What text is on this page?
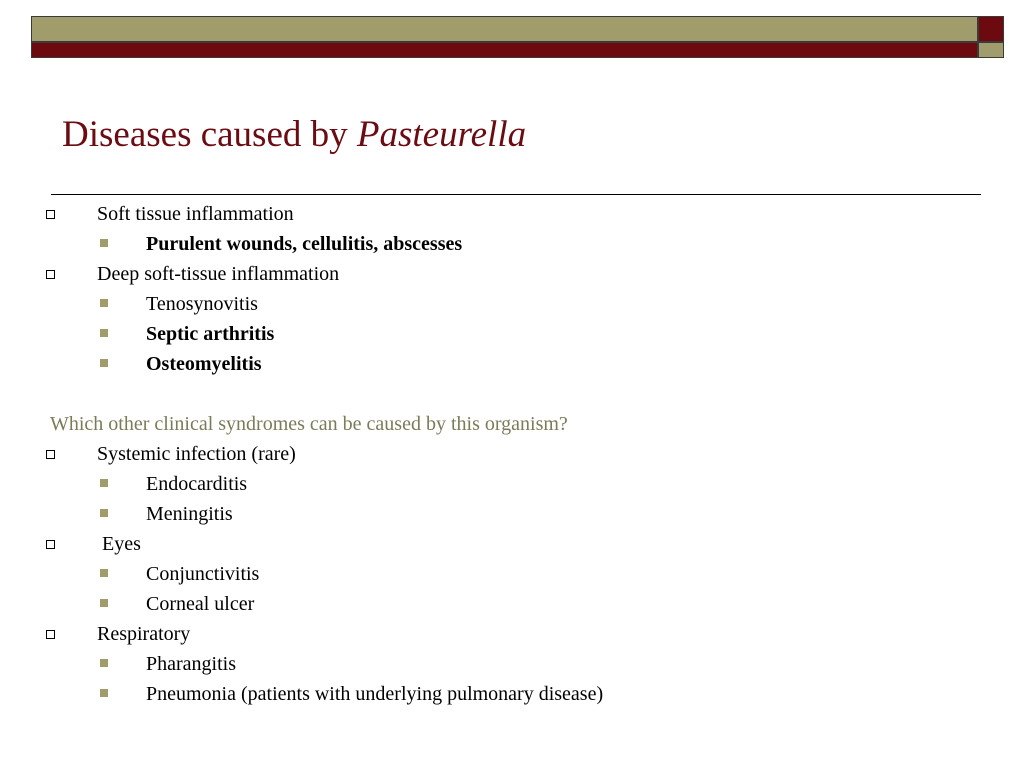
Diseases caused by Pasteurella
Soft tissue inflammation
Purulent wounds, cellulitis, abscesses
Deep soft-tissue inflammation
Tenosynovitis
Septic arthritis
Osteomyelitis
Which other clinical syndromes can be caused by this organism?
Systemic infection (rare)
Endocarditis
Meningitis
Eyes
Conjunctivitis
Corneal ulcer
Respiratory
Pharangitis
Pneumonia (patients with underlying pulmonary disease)
